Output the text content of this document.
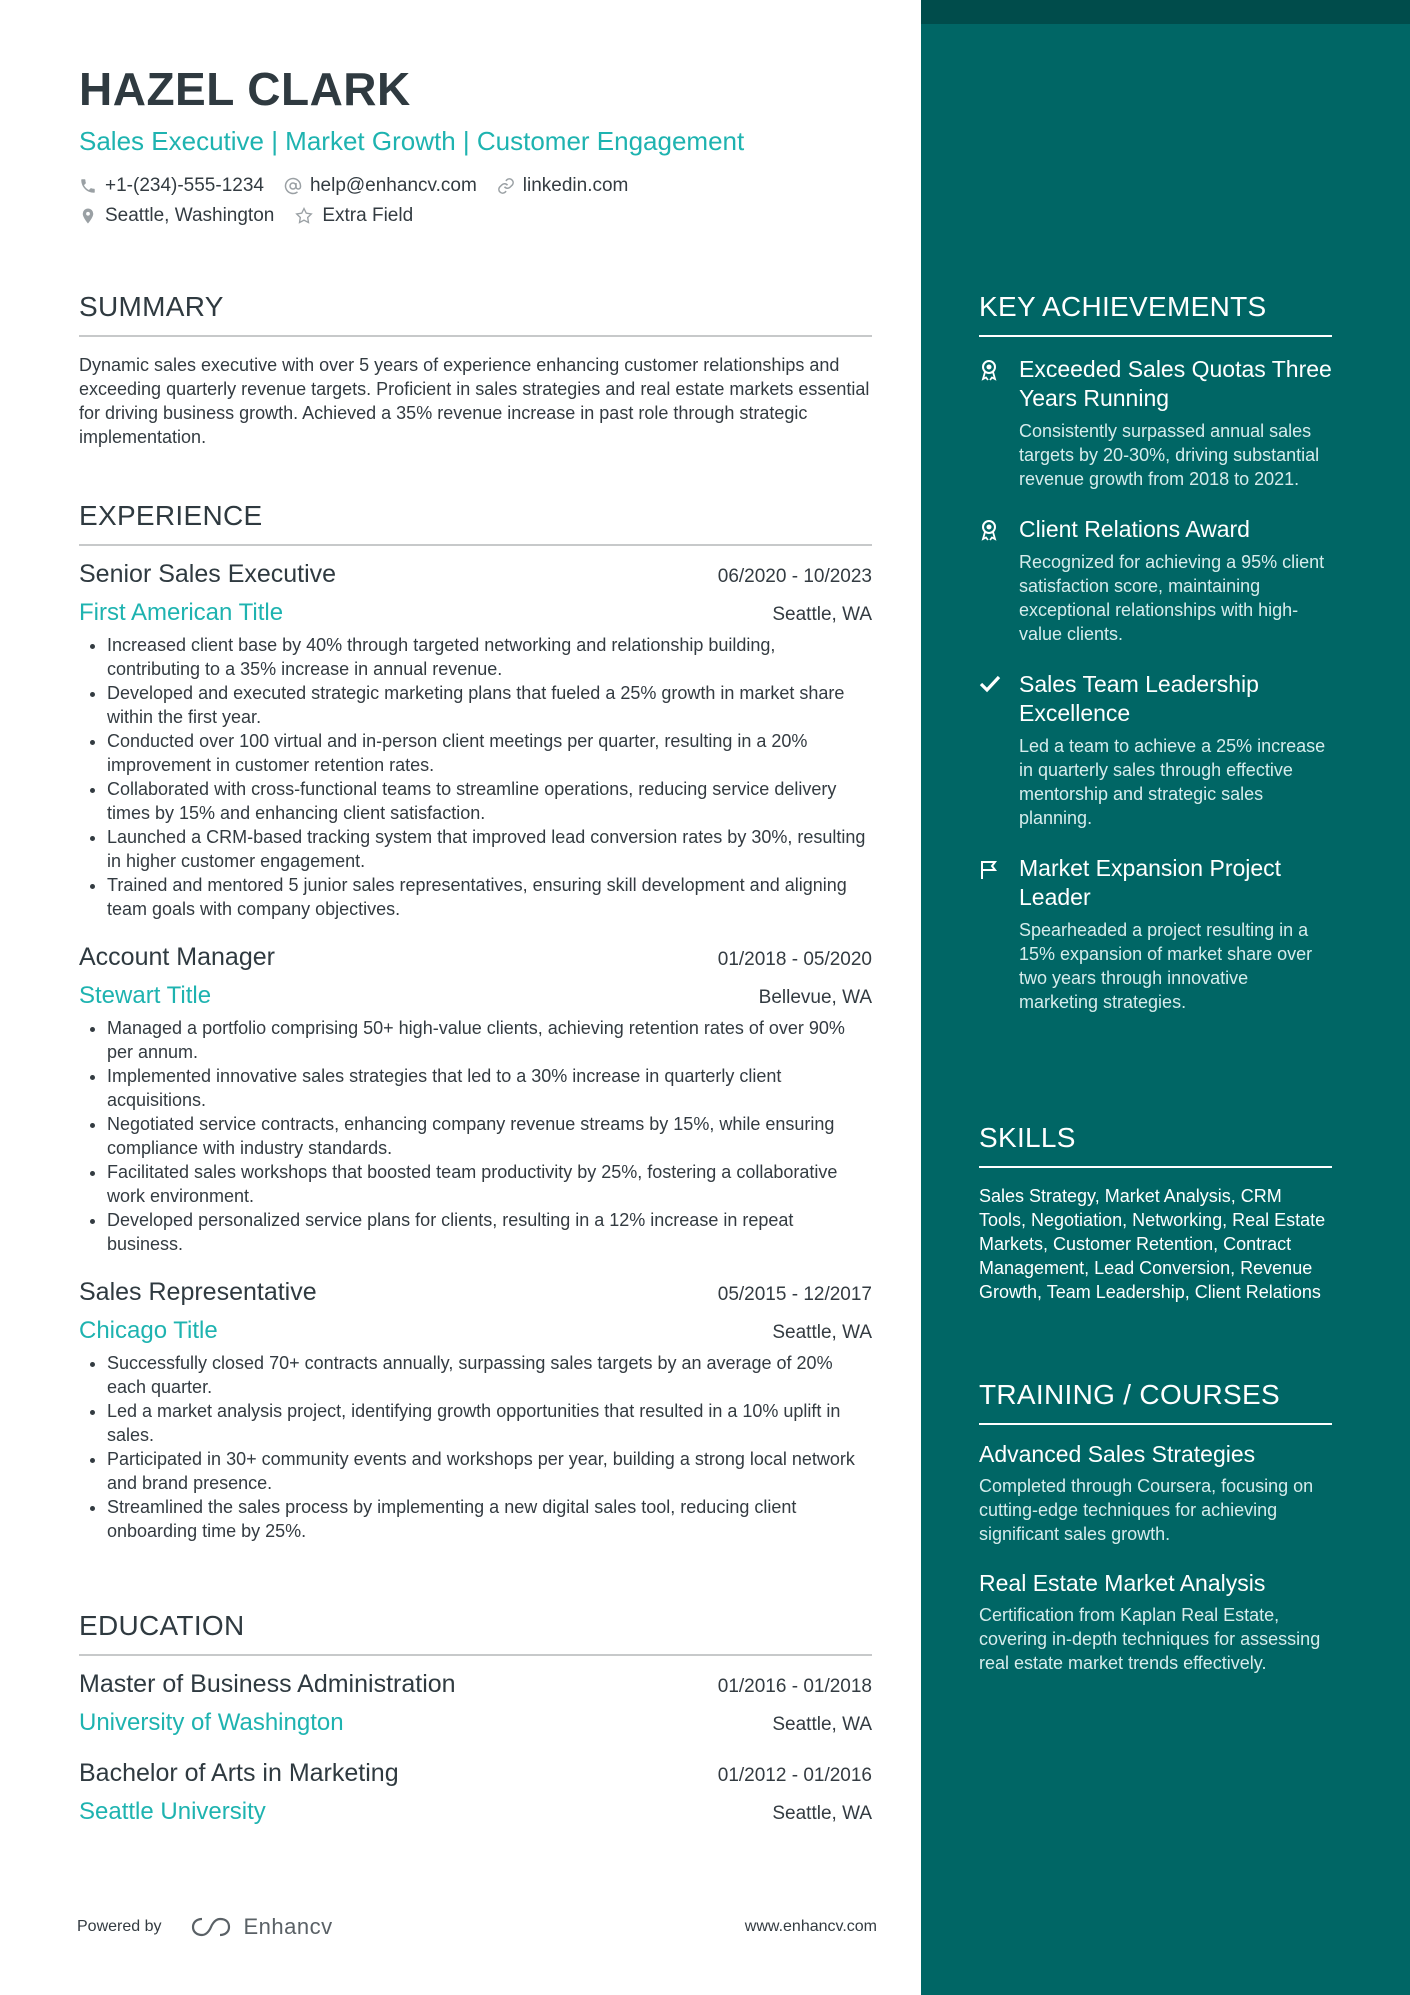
HAZEL CLARK
Sales Executive | Market Growth | Customer Engagement
+1-(234)-555-1234 help@enhancv.com linkedin.com
Seattle, Washington	Extra Field
SUMMARY
Dynamic sales executive with over 5 years of experience enhancing customer relationships and exceeding quarterly revenue targets. Proficient in sales strategies and real estate markets essential for driving business growth. Achieved a 35% revenue increase in past role through strategic implementation.
EXPERIENCE
Senior Sales Executive	06/2020 - 10/2023
First American Title	Seattle, WA
• Increased client base by 40% through targeted networking and relationship building, contributing to a 35% increase in annual revenue.
• Developed and executed strategic marketing plans that fueled a 25% growth in market share within the first year.
• Conducted over 100 virtual and in-person client meetings per quarter, resulting in a 20% improvement in customer retention rates.
• Collaborated with cross-functional teams to streamline operations, reducing service delivery times by 15% and enhancing client satisfaction.
• Launched a CRM-based tracking system that improved lead conversion rates by 30%, resulting in higher customer engagement.
• Trained and mentored 5 junior sales representatives, ensuring skill development and aligning team goals with company objectives.
Account Manager	01/2018 - 05/2020
Stewart Title	Bellevue, WA
• Managed a portfolio comprising 50+ high-value clients, achieving retention rates of over 90% per annum.
• Implemented innovative sales strategies that led to a 30% increase in quarterly client acquisitions.
• Negotiated service contracts, enhancing company revenue streams by 15%, while ensuring compliance with industry standards.
• Facilitated sales workshops that boosted team productivity by 25%, fostering a collaborative work environment.
• Developed personalized service plans for clients, resulting in a 12% increase in repeat business.
Sales Representative	05/2015 - 12/2017
Chicago Title	Seattle, WA
• Successfully closed 70+ contracts annually, surpassing sales targets by an average of 20% each quarter.
• Led a market analysis project, identifying growth opportunities that resulted in a 10% uplift in sales.
• Participated in 30+ community events and workshops per year, building a strong local network and brand presence.
• Streamlined the sales process by implementing a new digital sales tool, reducing client onboarding time by 25%.
EDUCATION
Master of Business Administration	01/2016 - 01/2018
University of Washington	Seattle, WA
Bachelor of Arts in Marketing	01/2012 - 01/2016
Seattle University	Seattle, WA
Powered by	Enhancv	www.enhancv.com
KEY ACHIEVEMENTS
Exceeded Sales Quotas Three Years Running
Consistently surpassed annual sales targets by 20-30%, driving substantial revenue growth from 2018 to 2021.
Client Relations Award
Recognized for achieving a 95% client satisfaction score, maintaining exceptional relationships with high-value clients.
Sales Team Leadership Excellence
Led a team to achieve a 25% increase in quarterly sales through effective mentorship and strategic sales planning.
Market Expansion Project Leader
Spearheaded a project resulting in a 15% expansion of market share over two years through innovative marketing strategies.
SKILLS
Sales Strategy, Market Analysis, CRM Tools, Negotiation, Networking, Real Estate Markets, Customer Retention, Contract Management, Lead Conversion, Revenue Growth, Team Leadership, Client Relations
TRAINING / COURSES
Advanced Sales Strategies
Completed through Coursera, focusing on cutting-edge techniques for achieving significant sales growth.
Real Estate Market Analysis
Certification from Kaplan Real Estate, covering in-depth techniques for assessing real estate market trends effectively.
